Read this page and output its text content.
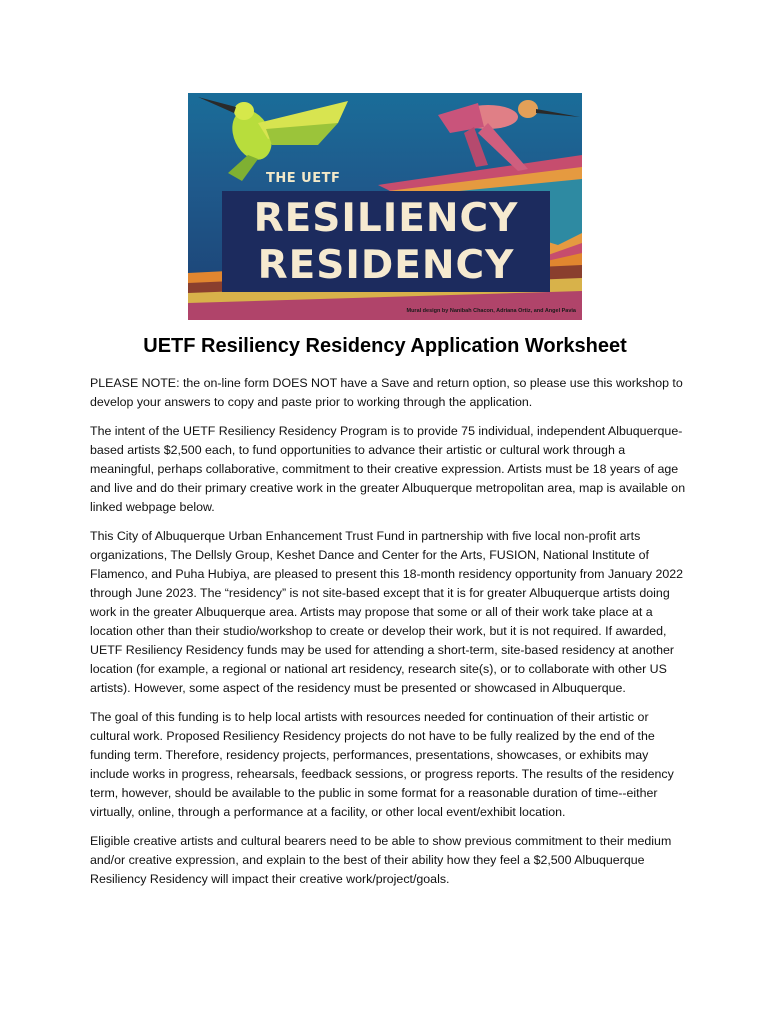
THE UETF
RESILIENCY
RESIDENCY
Mural design by Nanibah Chacon, Adriana Ortiz, and Angel Pavia
UETF Resiliency Residency Application Worksheet

PLEASE NOTE: the on-line form DOES NOT have a Save and return option, so please use this workshop to develop your answers to copy and paste prior to working through the application.

The intent of the UETF Resiliency Residency Program is to provide 75 individual, independent Albuquerque-based artists $2,500 each, to fund opportunities to advance their artistic or cultural work through a meaningful, perhaps collaborative, commitment to their creative expression. Artists must be 18 years of age and live and do their primary creative work in the greater Albuquerque metropolitan area, map is available on linked webpage below.

This City of Albuquerque Urban Enhancement Trust Fund in partnership with five local non-profit arts organizations, The Dellsly Group, Keshet Dance and Center for the Arts, FUSION, National Institute of Flamenco, and Puha Hubiya, are pleased to present this 18-month residency opportunity from January 2022 through June 2023. The “residency” is not site-based except that it is for greater Albuquerque artists doing work in the greater Albuquerque area. Artists may propose that some or all of their work take place at a location other than their studio/workshop to create or develop their work, but it is not required. If awarded, UETF Resiliency Residency funds may be used for attending a short-term, site-based residency at another location (for example, a regional or national art residency, research site(s), or to collaborate with other US artists). However, some aspect of the residency must be presented or showcased in Albuquerque.

The goal of this funding is to help local artists with resources needed for continuation of their artistic or cultural work. Proposed Resiliency Residency projects do not have to be fully realized by the end of the funding term. Therefore, residency projects, performances, presentations, showcases, or exhibits may include works in progress, rehearsals, feedback sessions, or progress reports. The results of the residency term, however, should be available to the public in some format for a reasonable duration of time--either virtually, online, through a performance at a facility, or other local event/exhibit location.

Eligible creative artists and cultural bearers need to be able to show previous commitment to their medium and/or creative expression, and explain to the best of their ability how they feel a $2,500 Albuquerque Resiliency Residency will impact their creative work/project/goals.
